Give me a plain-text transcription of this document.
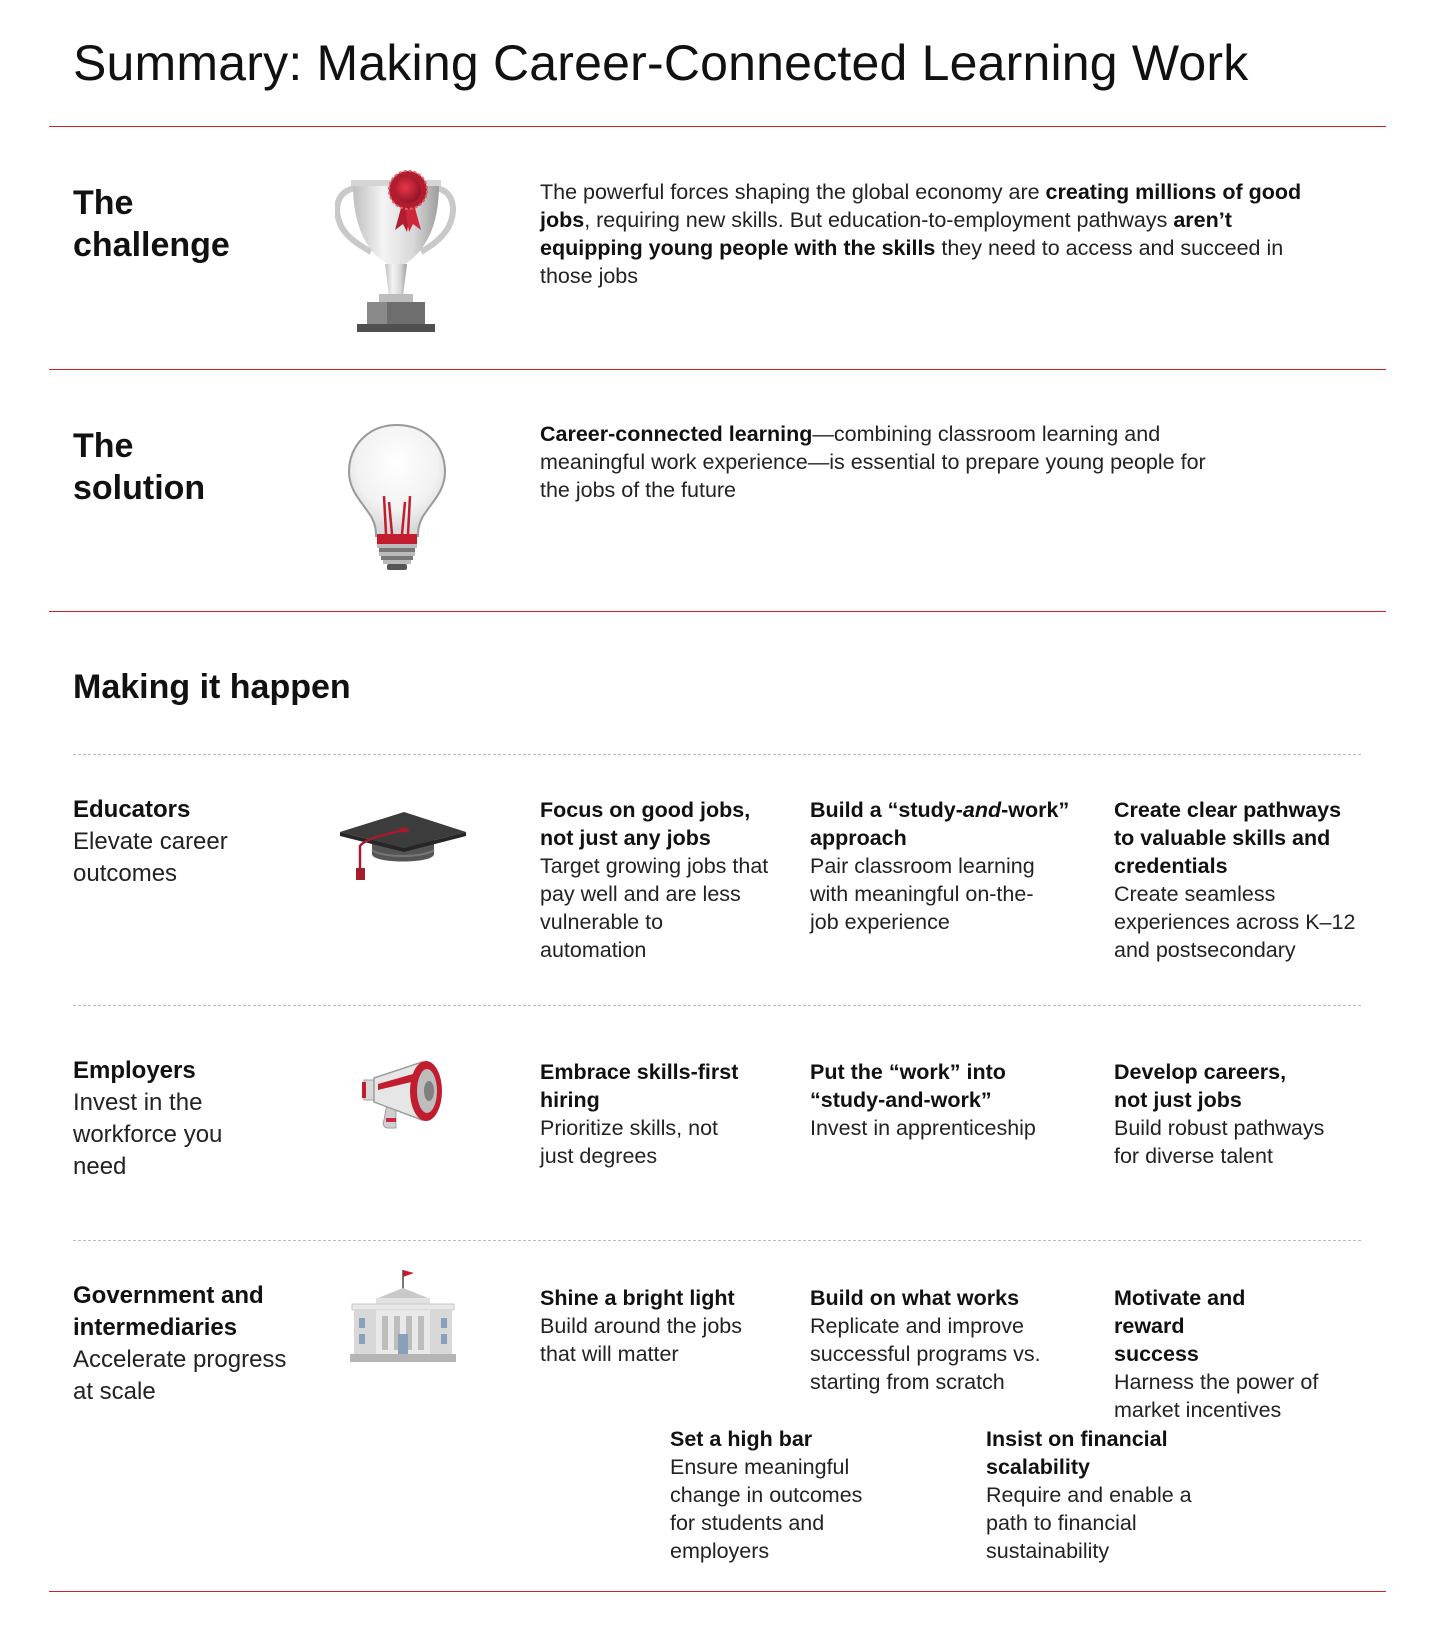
Summary: Making Career-Connected Learning Work
The
challenge
The powerful forces shaping the global economy are creating millions of good jobs, requiring new skills. But education-to-employment pathways aren’t equipping young people with the skills they need to access and succeed in those jobs
The
solution
Career-connected learning—combining classroom learning and meaningful work experience—is essential to prepare young people for the jobs of the future
Making it happen
Educators
Elevate career outcomes
Focus on good jobs, not just any jobs
Target growing jobs that pay well and are less vulnerable to automation
Build a “study-and-work” approach
Pair classroom learning with meaningful on-the-job experience
Create clear pathways to valuable skills and credentials
Create seamless experiences across K–12 and postsecondary
Employers
Invest in the workforce you need
Embrace skills-first hiring
Prioritize skills, not just degrees
Put the “work” into “study-and-work”
Invest in apprenticeship
Develop careers, not just jobs
Build robust pathways for diverse talent
Government and intermediaries
Accelerate progress at scale
Shine a bright light
Build around the jobs that will matter
Build on what works
Replicate and improve successful programs vs. starting from scratch
Motivate and reward success
Harness the power of market incentives
Set a high bar
Ensure meaningful change in outcomes for students and employers
Insist on financial scalability
Require and enable a path to financial sustainability
